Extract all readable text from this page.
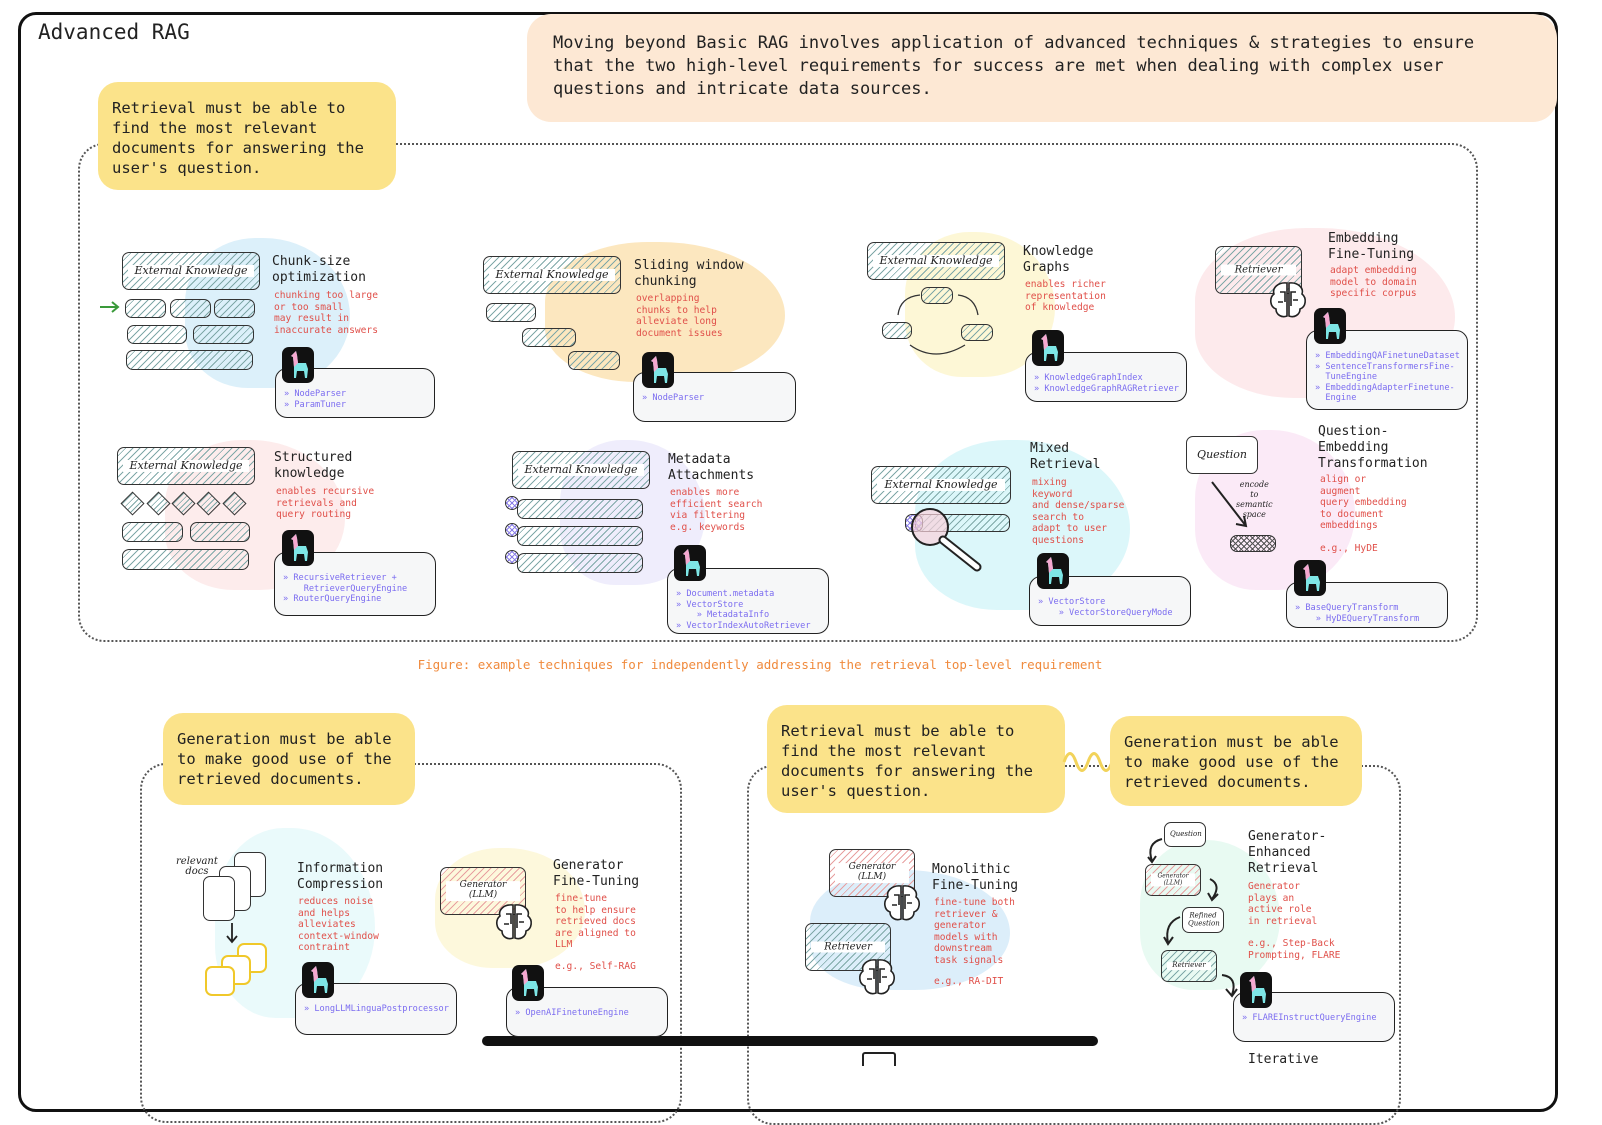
Advanced RAG	Moving beyond Basic RAG involves application of advanced techniques & strategies to ensure
that the two high-level requirements for success are met when dealing with complex user
questions and intricate data sources.
Retrieval must be able to
find the most relevant
documents for answering the
user's question.
Generation must be able
to make good use of the
retrieved documents.
Retrieval must be able to
find the most relevant
documents for answering the
user's question.
Generation must be able
to make good use of the
retrieved documents.
Figure: example techniques for independently addressing the retrieval top-level requirement
Chunk-size
optimization
chunking too large
or too small
may result in
inaccurate answers
» NodeParser
» ParamTuner
Sliding window
chunking
overlapping
chunks to help
alleviate long
document issues
» NodeParser
Knowledge
Graphs
enables richer
representation
of knowledge
» KnowledgeGraphIndex
» KnowledgeGraphRAGRetriever
Embedding
Fine-Tuning
adapt embedding
model to domain
specific corpus
» EmbeddingQAFinetuneDataset
» SentenceTransformersFine-
TuneEngine
» EmbeddingAdapterFinetune-
Engine
Structured
knowledge
enables recursive
retrievals and
query routing
» RecursiveRetriever +
RetrieverQueryEngine
» RouterQueryEngine
Metadata
Attachments
enables more
efficient search
via filtering
e.g. keywords
» Document.metadata
» VectorStore
» MetadataInfo
» VectorIndexAutoRetriever
Mixed
Retrieval
mixing
keyword
and dense/sparse
search to
adapt to user
questions
» VectorStore
» VectorStoreQueryMode
Question-
Embedding
Transformation
align or
augment
query embedding
to document
embeddings
e.g., HyDE
» BaseQueryTransform
» HyDEQueryTransform
Information
Compression
reduces noise
and helps
alleviates
context-window
contraint
» LongLLMLinguaPostprocessor
Generator
Fine-Tuning
fine-tune
to help ensure
retrieved docs
are aligned to
LLM
e.g., Self-RAG
» OpenAIFinetuneEngine
Monolithic
Fine-Tuning
fine-tune both
retriever &
generator
models with
downstream
task signals
e.g., RA-DIT
Generator-
Enhanced
Retrieval
Generator
plays an
active role
in retrieval
e.g., Step-Back
Prompting, FLARE
» FLAREInstructQueryEngine
External Knowledge	External Knowledge
External Knowledge
Retriever
External Knowledge	External Knowledge
External Knowledge
Question
encode
to
semantic
space
relevant
docs
Generator
(LLM)
Generator
(LLM)
Retriever
Question
Generator
(LLM)
Refined
Question
Retriever
Iterative
